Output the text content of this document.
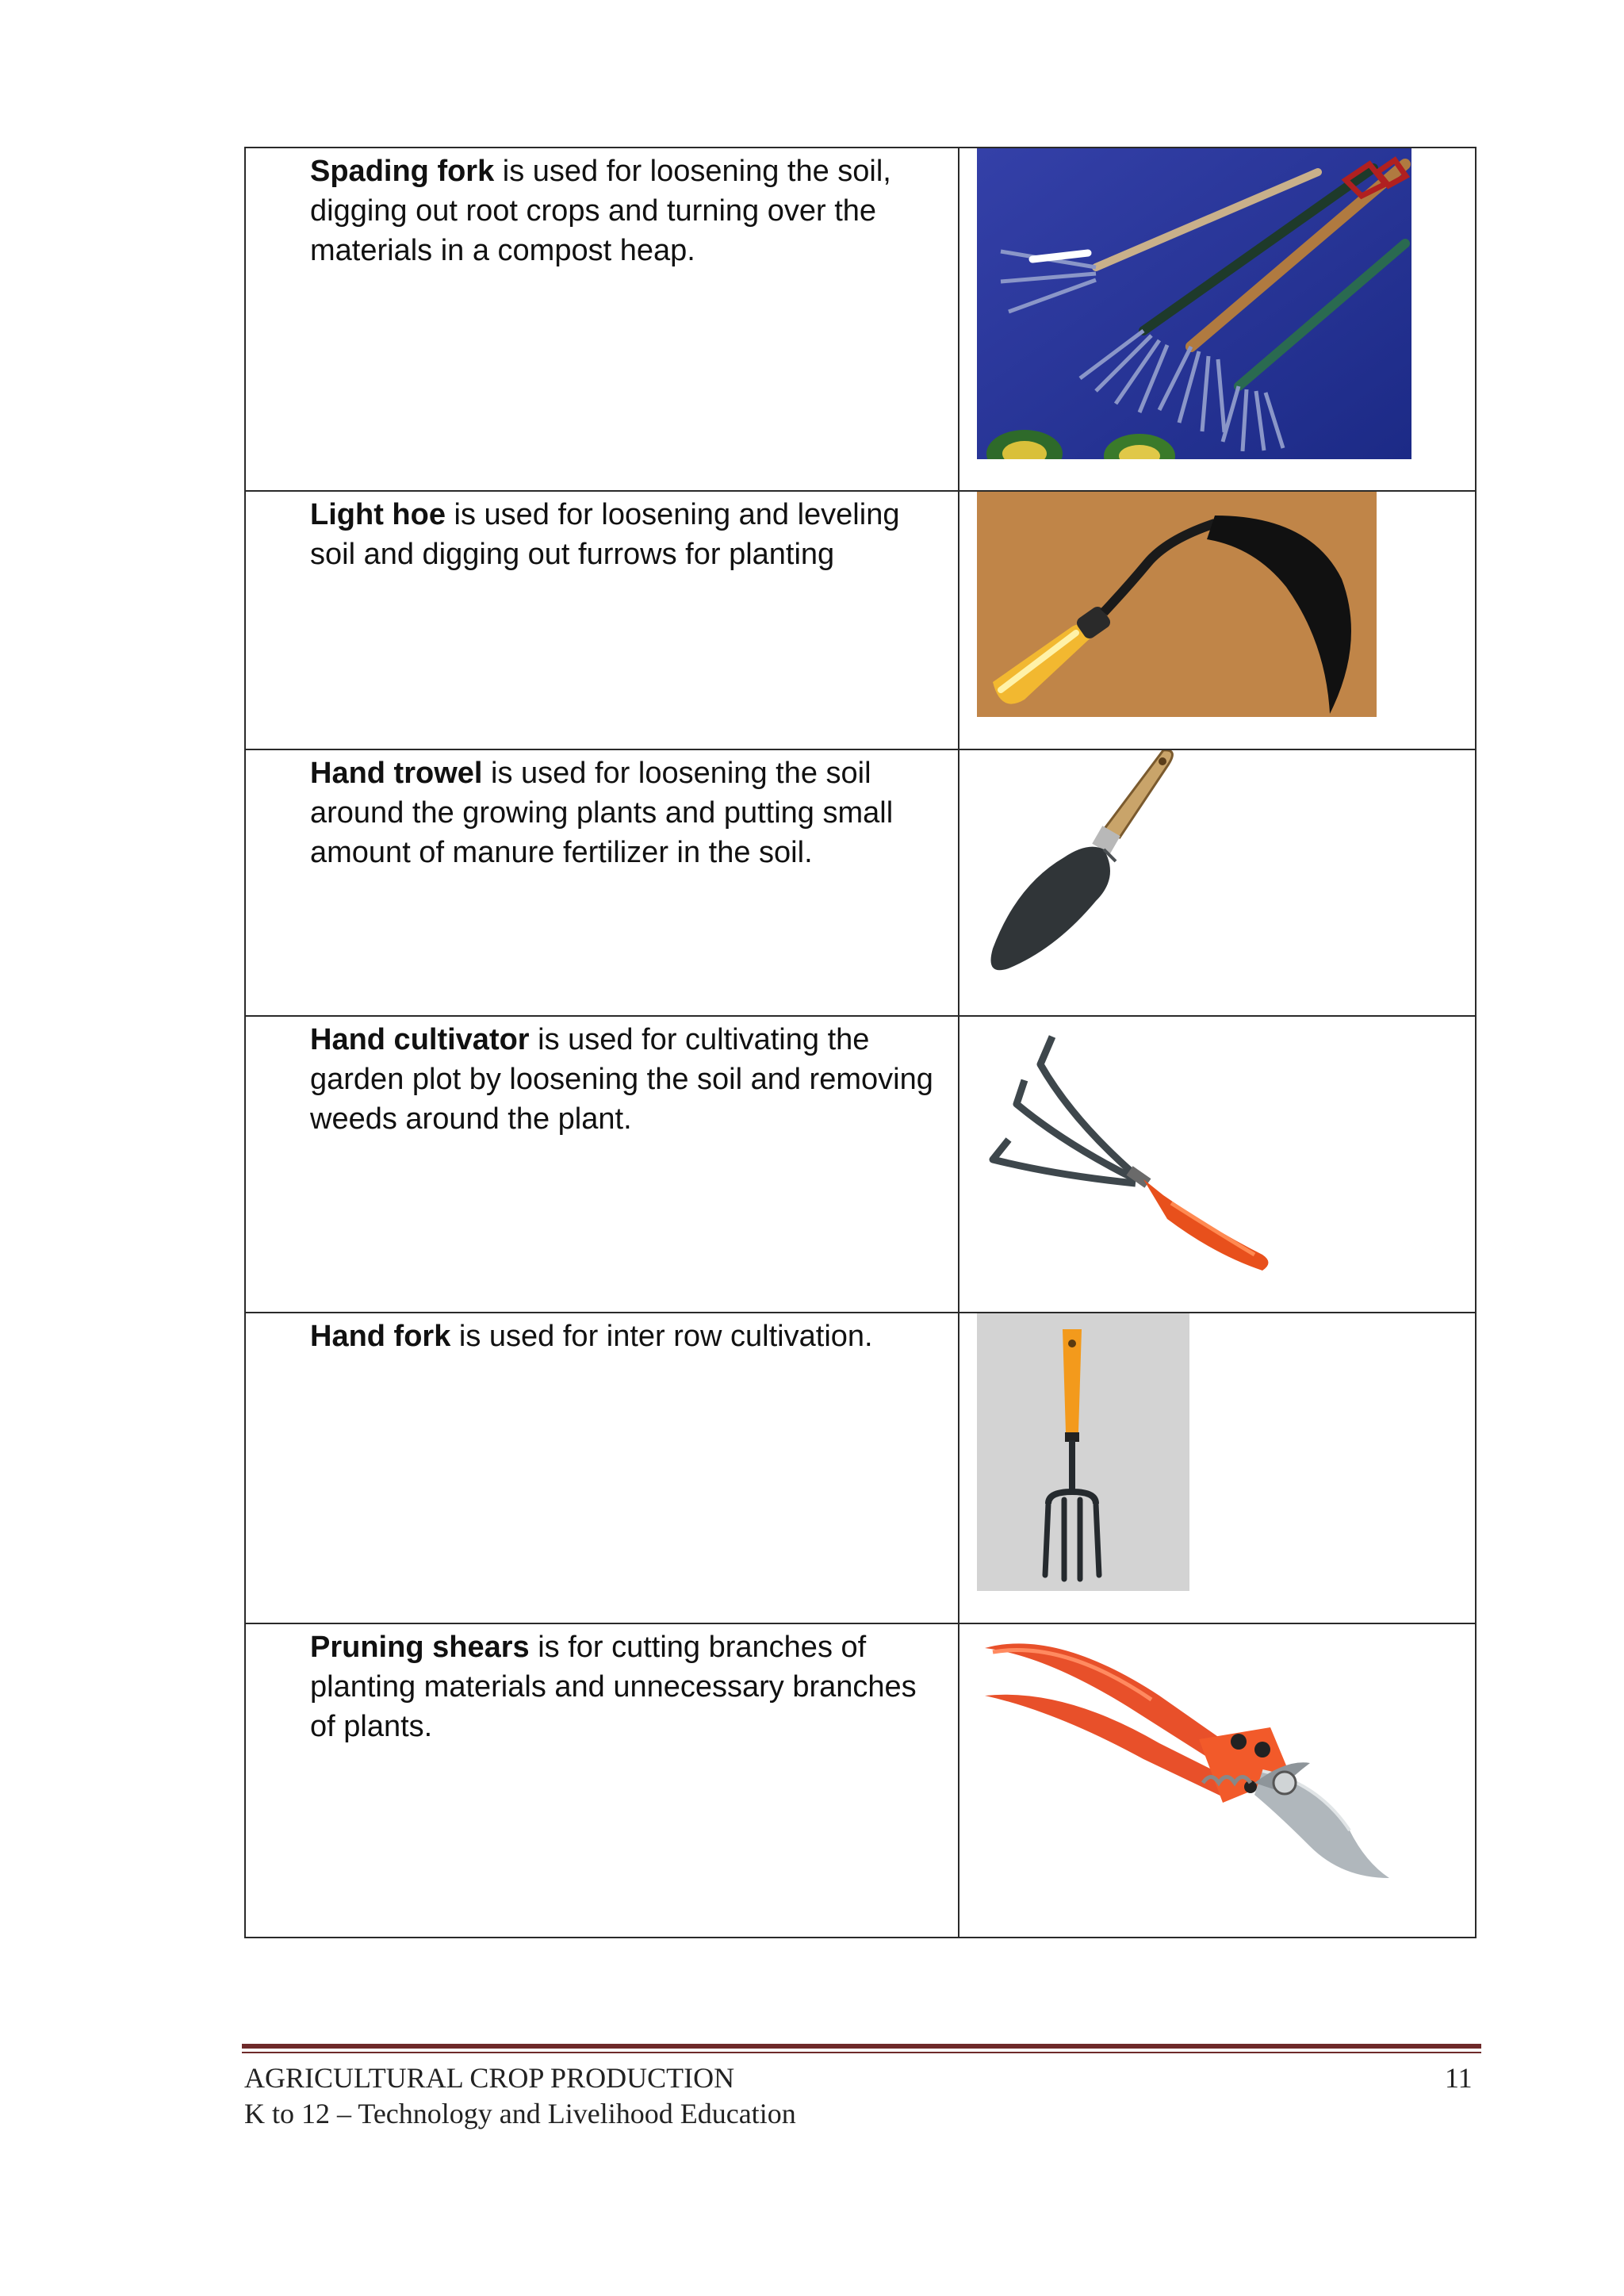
Spading fork is used for loosening the soil, digging out root crops and turning over the materials in a compost heap.

Light hoe is used for loosening and leveling soil and digging out furrows for planting

Hand trowel is used for loosening the soil around the growing plants and putting small amount of manure fertilizer in the soil.

Hand cultivator is used for cultivating the garden plot by loosening the soil and removing weeds around the plant.

Hand fork is used for inter row cultivation.

Pruning shears is for cutting branches of planting materials and unnecessary branches of plants.

AGRICULTURAL CROP PRODUCTION
K to 12 – Technology and Livelihood Education
11
